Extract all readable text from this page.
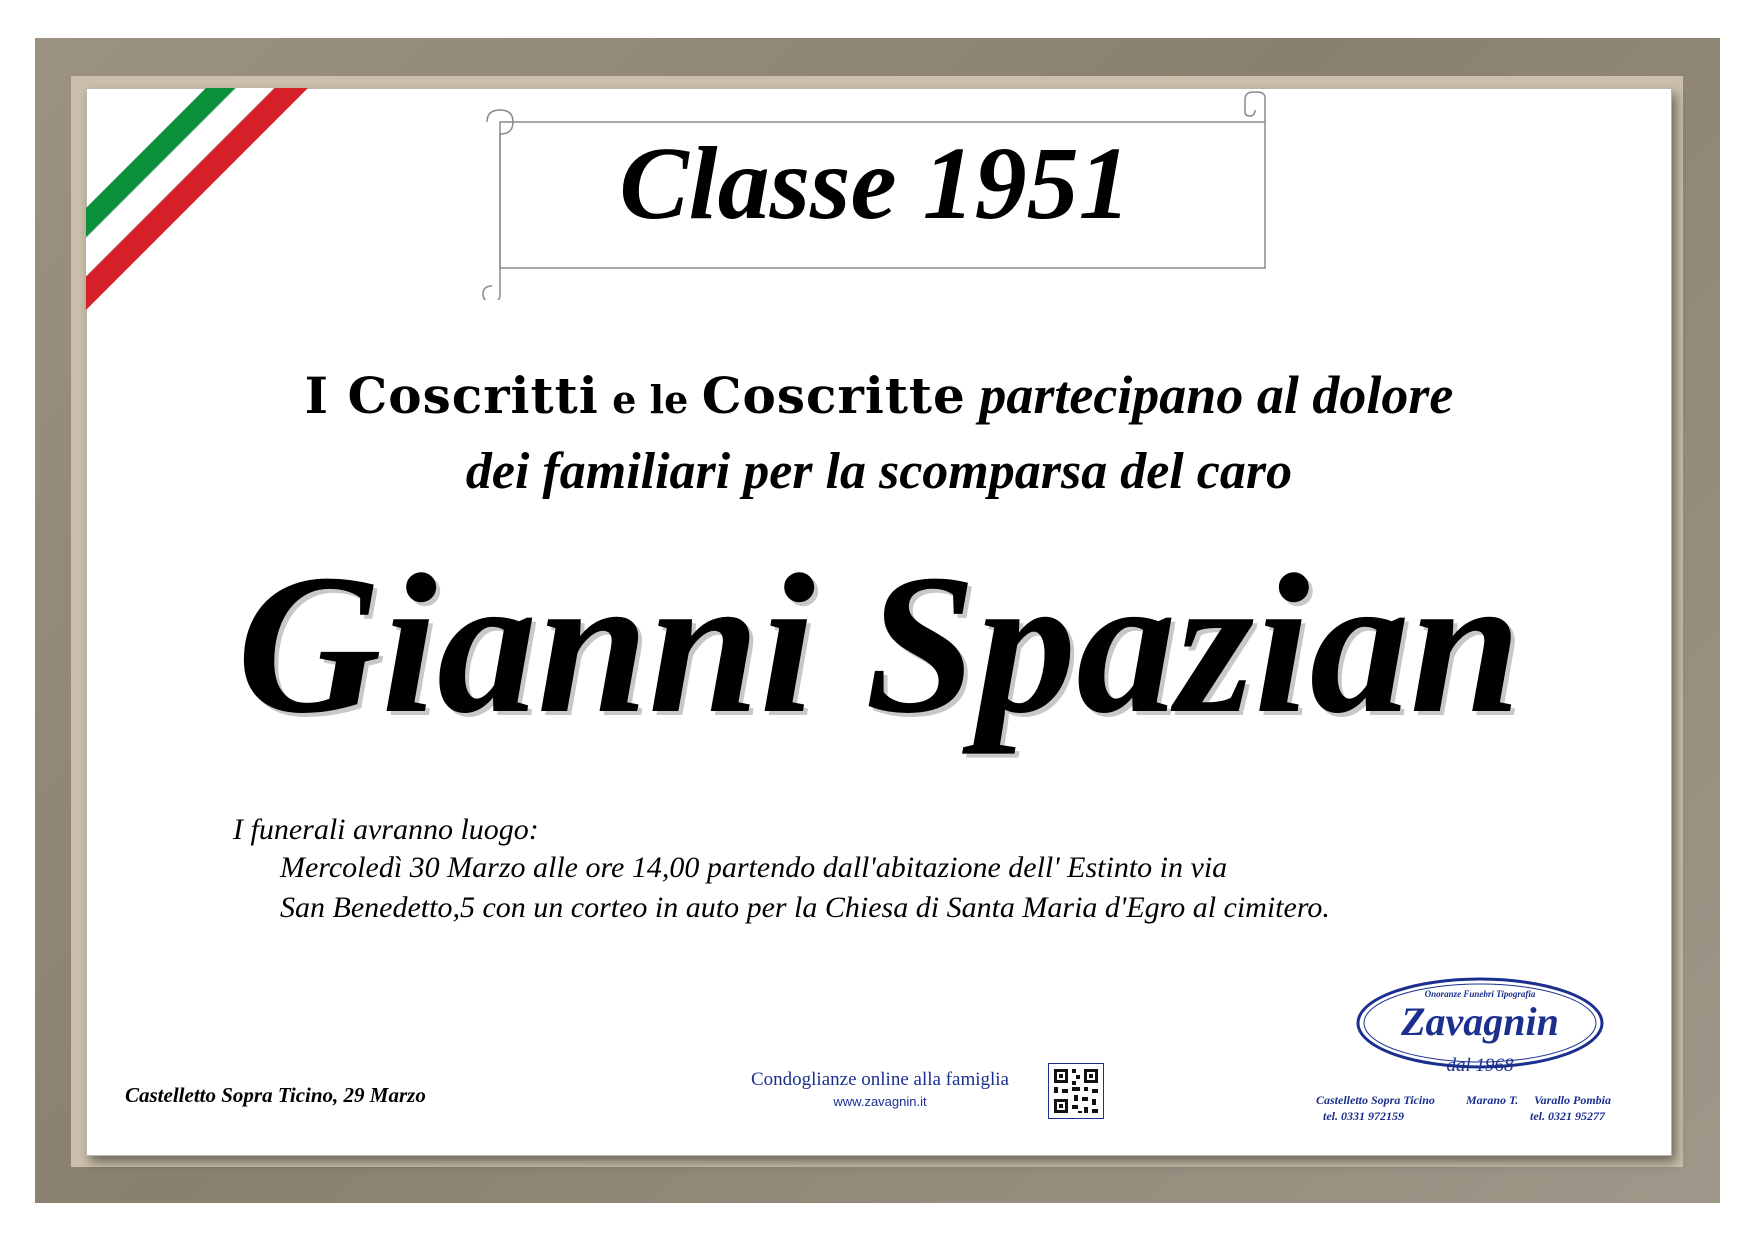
Classe 1951
I Coscritti e le Coscritte partecipano al dolore
dei familiari per la scomparsa del caro
Gianni Spazian
I funerali avranno luogo:
Mercoledì 30 Marzo alle ore 14,00 partendo dall'abitazione dell' Estinto in via
San Benedetto,5 con un corteo in auto per la Chiesa di Santa Maria d'Egro al cimitero.
Castelletto Sopra Ticino, 29 Marzo
Condoglianze online alla famiglia
www.zavagnin.it
Onoranze Funebri Tipografia
Zavagnin
dal 1968
Castelletto Sopra Ticino
tel. 0331 972159
Marano T. Varallo Pombia
tel. 0321 95277
